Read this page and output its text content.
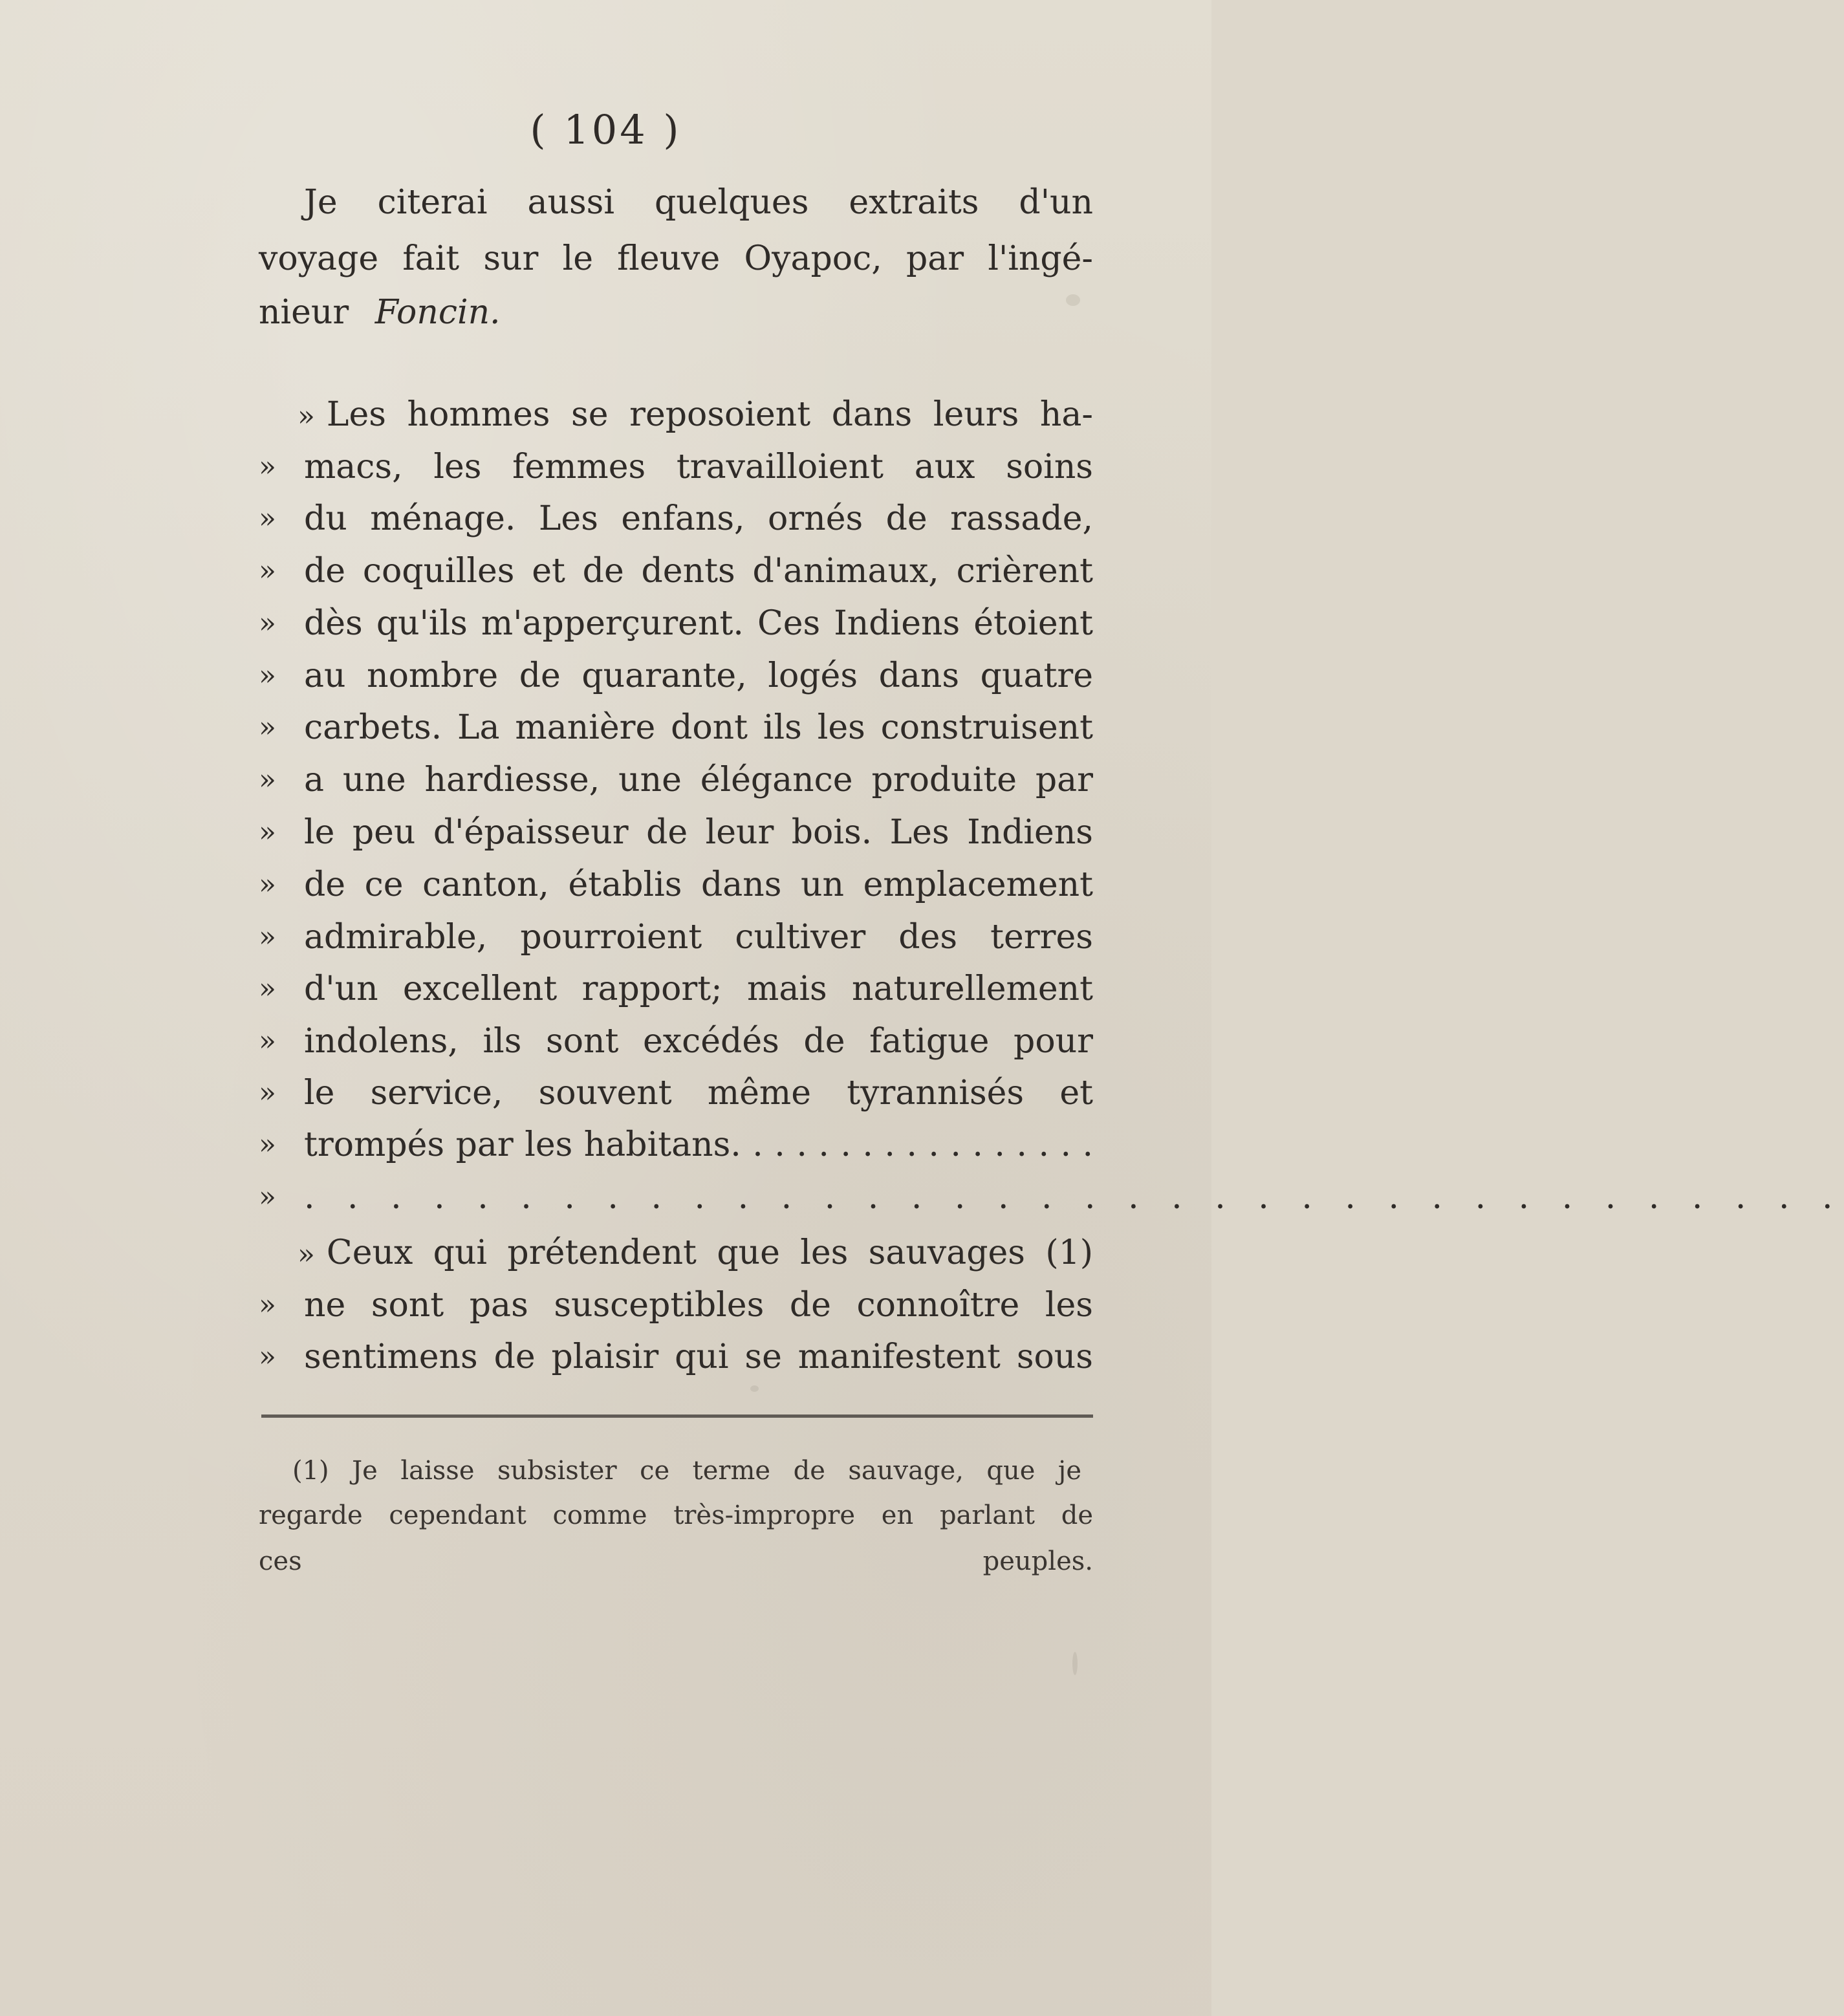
( 104 )
Je citerai aussi quelques extraits d'un
voyage fait sur le fleuve Oyapoc, par l'ingé-
nieur Foncin.
» Les hommes se reposoient dans leurs ha-
» macs, les femmes travailloient aux soins
» du ménage. Les enfans, ornés de rassade,
» de coquilles et de dents d'animaux, crièrent
» dès qu'ils m'apperçurent. Ces Indiens étoient
» au nombre de quarante, logés dans quatre
» carbets. La manière dont ils les construisent
» a une hardiesse, une élégance produite par
» le peu d'épaisseur de leur bois. Les Indiens
» de ce canton, établis dans un emplacement
» admirable, pourroient cultiver des terres
» d'un excellent rapport; mais naturellement
» indolens, ils sont excédés de fatigue pour
» le service, souvent même tyrannisés et
» trompés par les habitans. . . . . . . . . . . . . . . . .
» . . . . . . . . . . . . . . . . . . . . . . . . . . . . . . . . . . . .
» Ceux qui prétendent que les sauvages (1)
» ne sont pas susceptibles de connoître les
» sentimens de plaisir qui se manifestent sous
(1) Je laisse subsister ce terme de sauvage, que je
regarde cependant comme très-impropre en parlant de
ces peuples.
